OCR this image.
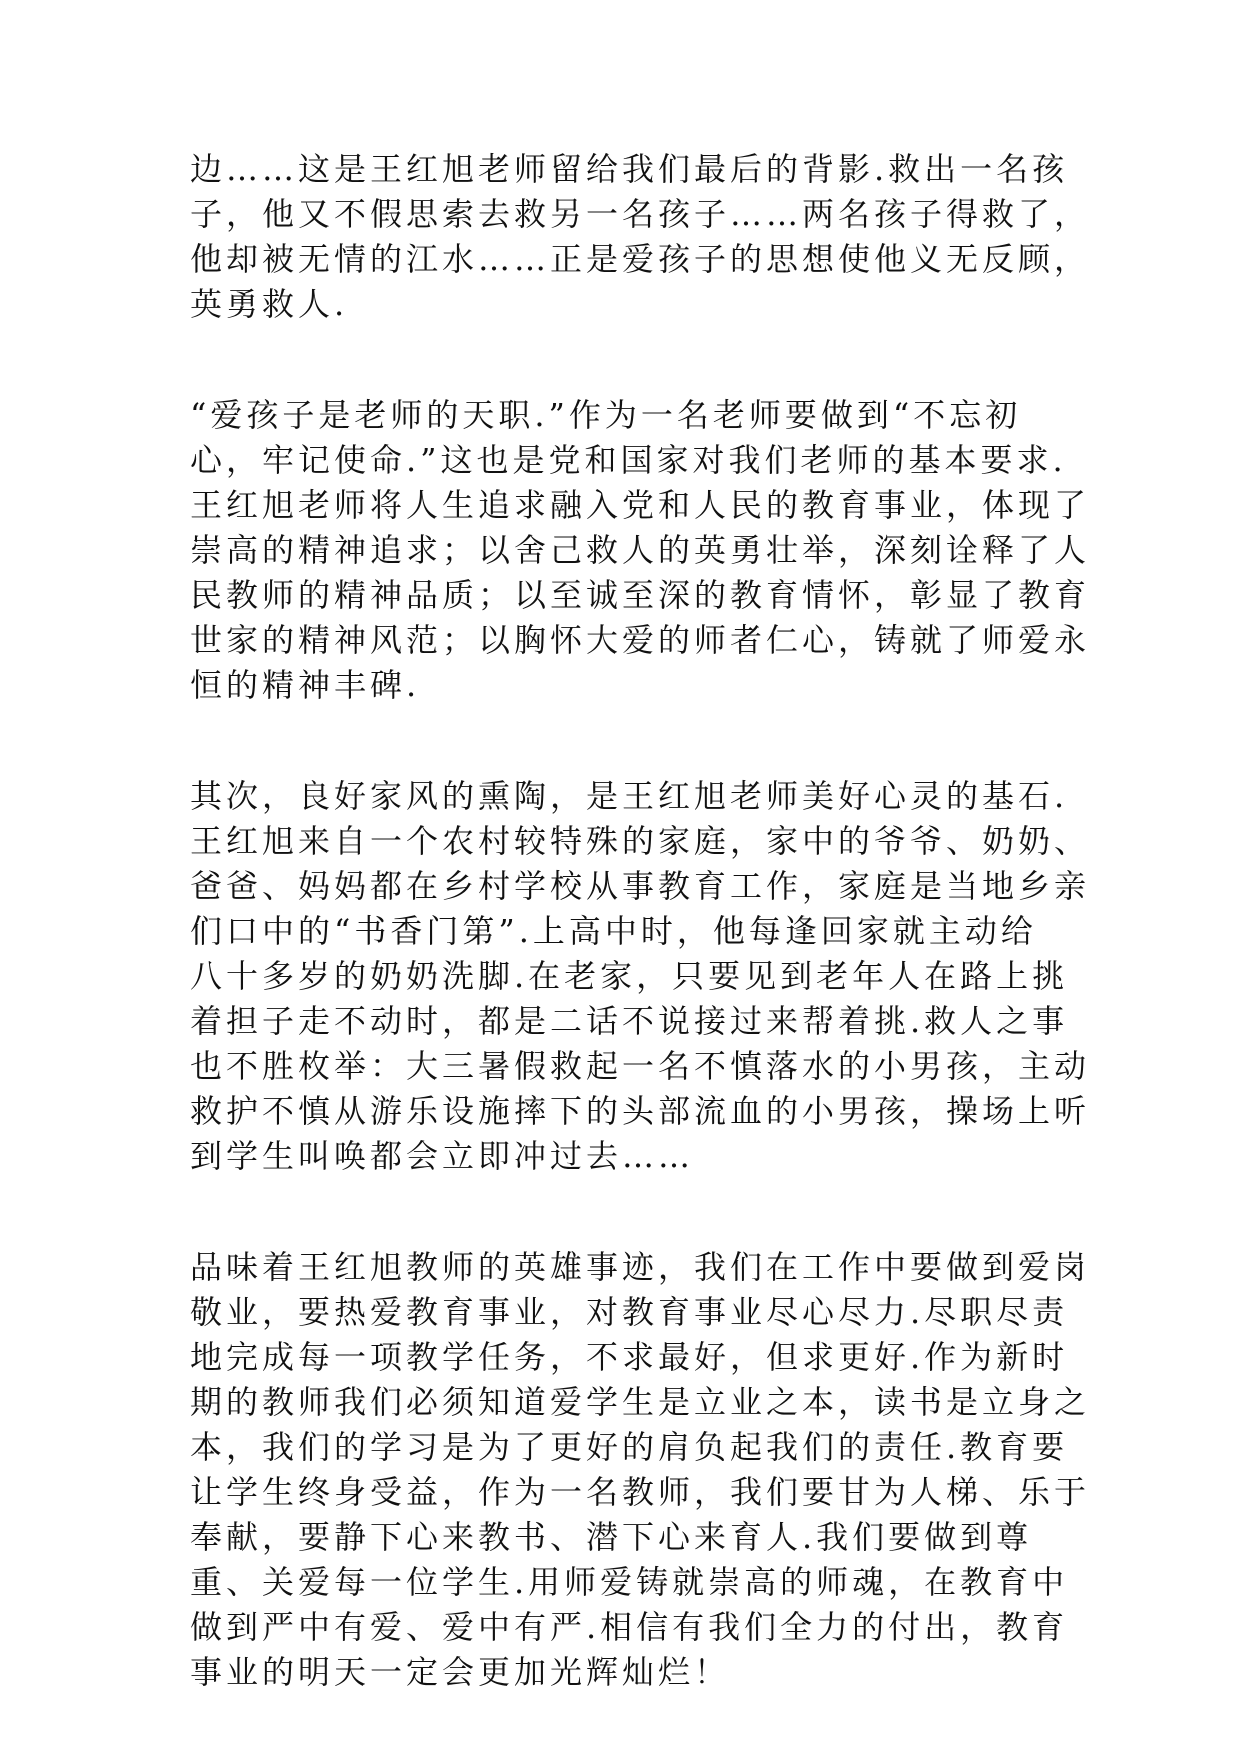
边……这是王红旭老师留给我们最后的背影.救出一名孩
子，他又不假思索去救另一名孩子……两名孩子得救了，
他却被无情的江水……正是爱孩子的思想使他义无反顾，
英勇救人.
“爱孩子是老师的天职.”作为一名老师要做到“不忘初
心，牢记使命.”这也是党和国家对我们老师的基本要求.
王红旭老师将人生追求融入党和人民的教育事业，体现了
崇高的精神追求；以舍己救人的英勇壮举，深刻诠释了人
民教师的精神品质；以至诚至深的教育情怀，彰显了教育
世家的精神风范；以胸怀大爱的师者仁心，铸就了师爱永
恒的精神丰碑.
其次，良好家风的熏陶，是王红旭老师美好心灵的基石.
王红旭来自一个农村较特殊的家庭，家中的爷爷、奶奶、
爸爸、妈妈都在乡村学校从事教育工作，家庭是当地乡亲
们口中的“书香门第”.上高中时，他每逢回家就主动给
八十多岁的奶奶洗脚.在老家，只要见到老年人在路上挑
着担子走不动时，都是二话不说接过来帮着挑.救人之事
也不胜枚举：大三暑假救起一名不慎落水的小男孩，主动
救护不慎从游乐设施摔下的头部流血的小男孩，操场上听
到学生叫唤都会立即冲过去……
品味着王红旭教师的英雄事迹，我们在工作中要做到爱岗
敬业，要热爱教育事业，对教育事业尽心尽力.尽职尽责
地完成每一项教学任务，不求最好，但求更好.作为新时
期的教师我们必须知道爱学生是立业之本，读书是立身之
本，我们的学习是为了更好的肩负起我们的责任.教育要
让学生终身受益，作为一名教师，我们要甘为人梯、乐于
奉献，要静下心来教书、潜下心来育人.我们要做到尊
重、关爱每一位学生.用师爱铸就崇高的师魂，在教育中
做到严中有爱、爱中有严.相信有我们全力的付出，教育
事业的明天一定会更加光辉灿烂！
